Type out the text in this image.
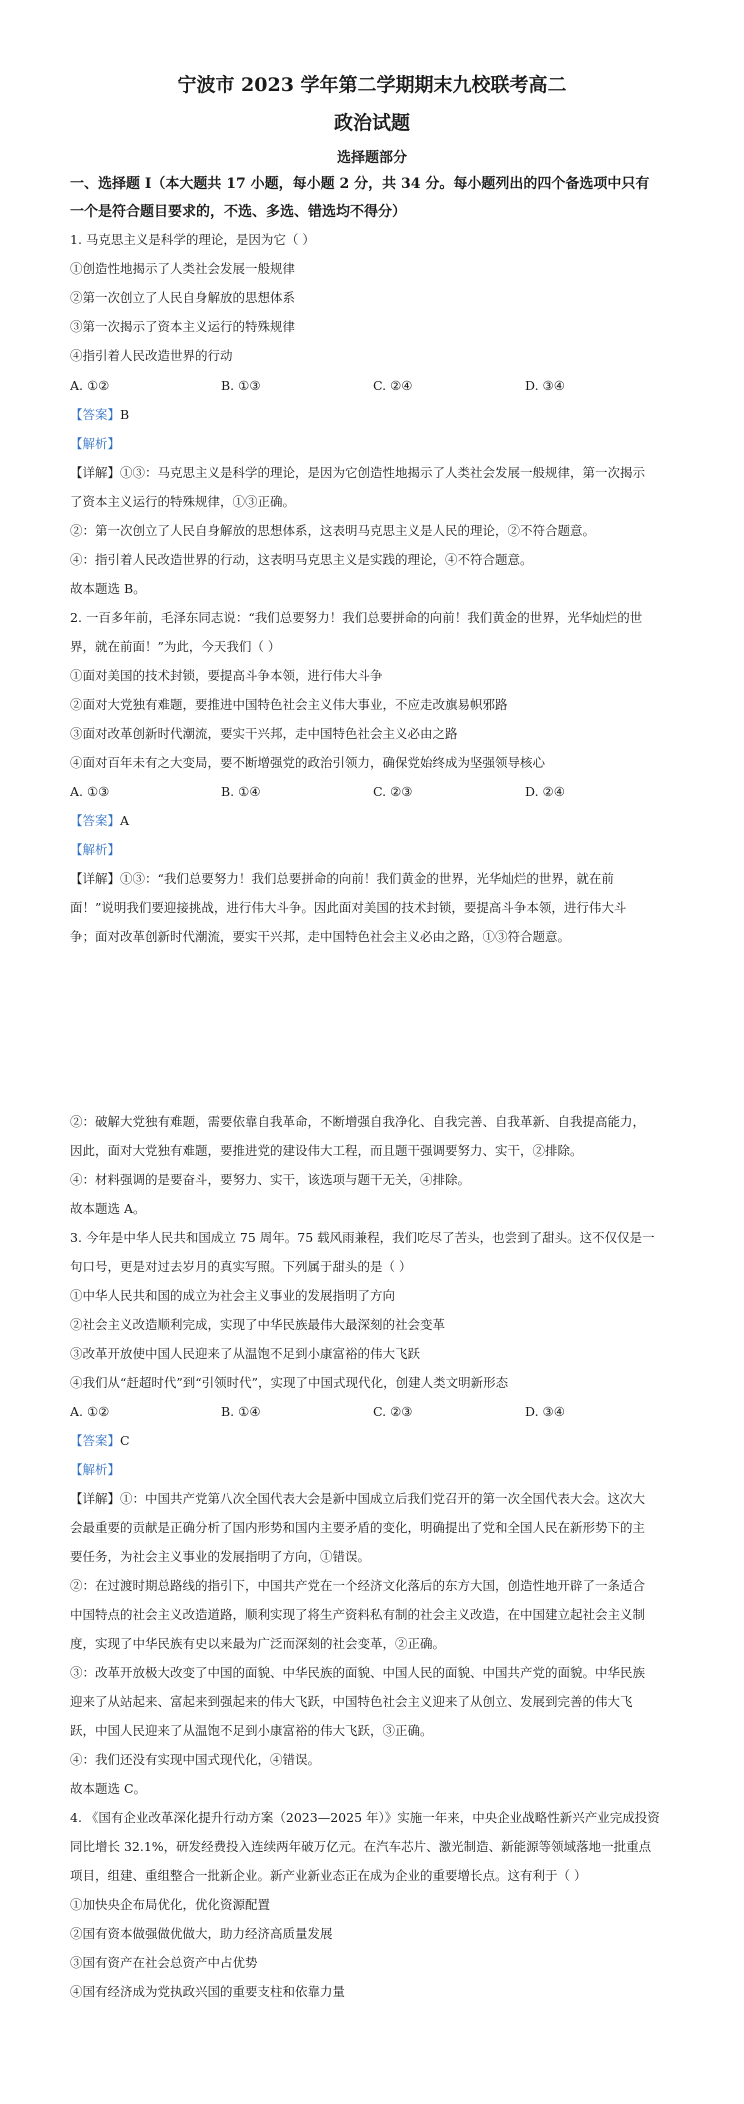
宁波市 2023 学年第二学期期末九校联考高二
政治试题
选择题部分
一、选择题 I（本大题共 17 小题，每小题 2 分，共 34 分。每小题列出的四个备选项中只有
一个是符合题目要求的，不选、多选、错选均不得分）
1. 马克思主义是科学的理论，是因为它（ ）
①创造性地揭示了人类社会发展一般规律
②第一次创立了人民自身解放的思想体系
③第一次揭示了资本主义运行的特殊规律
④指引着人民改造世界的行动
A. ①②	B. ①③	C. ②④	D. ③④
【答案】B
【解析】
【详解】①③：马克思主义是科学的理论，是因为它创造性地揭示了人类社会发展一般规律，第一次揭示
了资本主义运行的特殊规律，①③正确。
②：第一次创立了人民自身解放的思想体系，这表明马克思主义是人民的理论，②不符合题意。
④：指引着人民改造世界的行动，这表明马克思主义是实践的理论，④不符合题意。
故本题选 B。
2. 一百多年前，毛泽东同志说：“我们总要努力！我们总要拼命的向前！我们黄金的世界，光华灿烂的世
界，就在前面！”为此，今天我们（ ）
①面对美国的技术封锁，要提高斗争本领，进行伟大斗争
②面对大党独有难题，要推进中国特色社会主义伟大事业，不应走改旗易帜邪路
③面对改革创新时代潮流，要实干兴邦，走中国特色社会主义必由之路
④面对百年未有之大变局，要不断增强党的政治引领力，确保党始终成为坚强领导核心
A. ①③	B. ①④	C. ②③	D. ②④
【答案】A
【解析】
【详解】①③：“我们总要努力！我们总要拼命的向前！我们黄金的世界，光华灿烂的世界，就在前
面！”说明我们要迎接挑战，进行伟大斗争。因此面对美国的技术封锁，要提高斗争本领，进行伟大斗
争；面对改革创新时代潮流，要实干兴邦，走中国特色社会主义必由之路，①③符合题意。
②：破解大党独有难题，需要依靠自我革命，不断增强自我净化、自我完善、自我革新、自我提高能力，
因此，面对大党独有难题，要推进党的建设伟大工程，而且题干强调要努力、实干，②排除。
④：材料强调的是要奋斗，要努力、实干，该选项与题干无关，④排除。
故本题选 A。
3. 今年是中华人民共和国成立 75 周年。75 载风雨兼程，我们吃尽了苦头，也尝到了甜头。这不仅仅是一
句口号，更是对过去岁月的真实写照。下列属于甜头的是（ ）
①中华人民共和国的成立为社会主义事业的发展指明了方向
②社会主义改造顺利完成，实现了中华民族最伟大最深刻的社会变革
③改革开放使中国人民迎来了从温饱不足到小康富裕的伟大飞跃
④我们从“赶超时代”到“引领时代”，实现了中国式现代化，创建人类文明新形态
A. ①②	B. ①④	C. ②③	D. ③④
【答案】C
【解析】
【详解】①：中国共产党第八次全国代表大会是新中国成立后我们党召开的第一次全国代表大会。这次大
会最重要的贡献是正确分析了国内形势和国内主要矛盾的变化，明确提出了党和全国人民在新形势下的主
要任务，为社会主义事业的发展指明了方向，①错误。
②：在过渡时期总路线的指引下，中国共产党在一个经济文化落后的东方大国，创造性地开辟了一条适合
中国特点的社会主义改造道路，顺利实现了将生产资料私有制的社会主义改造，在中国建立起社会主义制
度，实现了中华民族有史以来最为广泛而深刻的社会变革，②正确。
③：改革开放极大改变了中国的面貌、中华民族的面貌、中国人民的面貌、中国共产党的面貌。中华民族
迎来了从站起来、富起来到强起来的伟大飞跃，中国特色社会主义迎来了从创立、发展到完善的伟大飞
跃，中国人民迎来了从温饱不足到小康富裕的伟大飞跃，③正确。
④：我们还没有实现中国式现代化，④错误。
故本题选 C。
4. 《国有企业改革深化提升行动方案（2023—2025 年）》实施一年来，中央企业战略性新兴产业完成投资
同比增长 32.1%，研发经费投入连续两年破万亿元。在汽车芯片、激光制造、新能源等领域落地一批重点
项目，组建、重组整合一批新企业。新产业新业态正在成为企业的重要增长点。这有利于（ ）
①加快央企布局优化，优化资源配置
②国有资本做强做优做大，助力经济高质量发展
③国有资产在社会总资产中占优势
④国有经济成为党执政兴国的重要支柱和依靠力量
